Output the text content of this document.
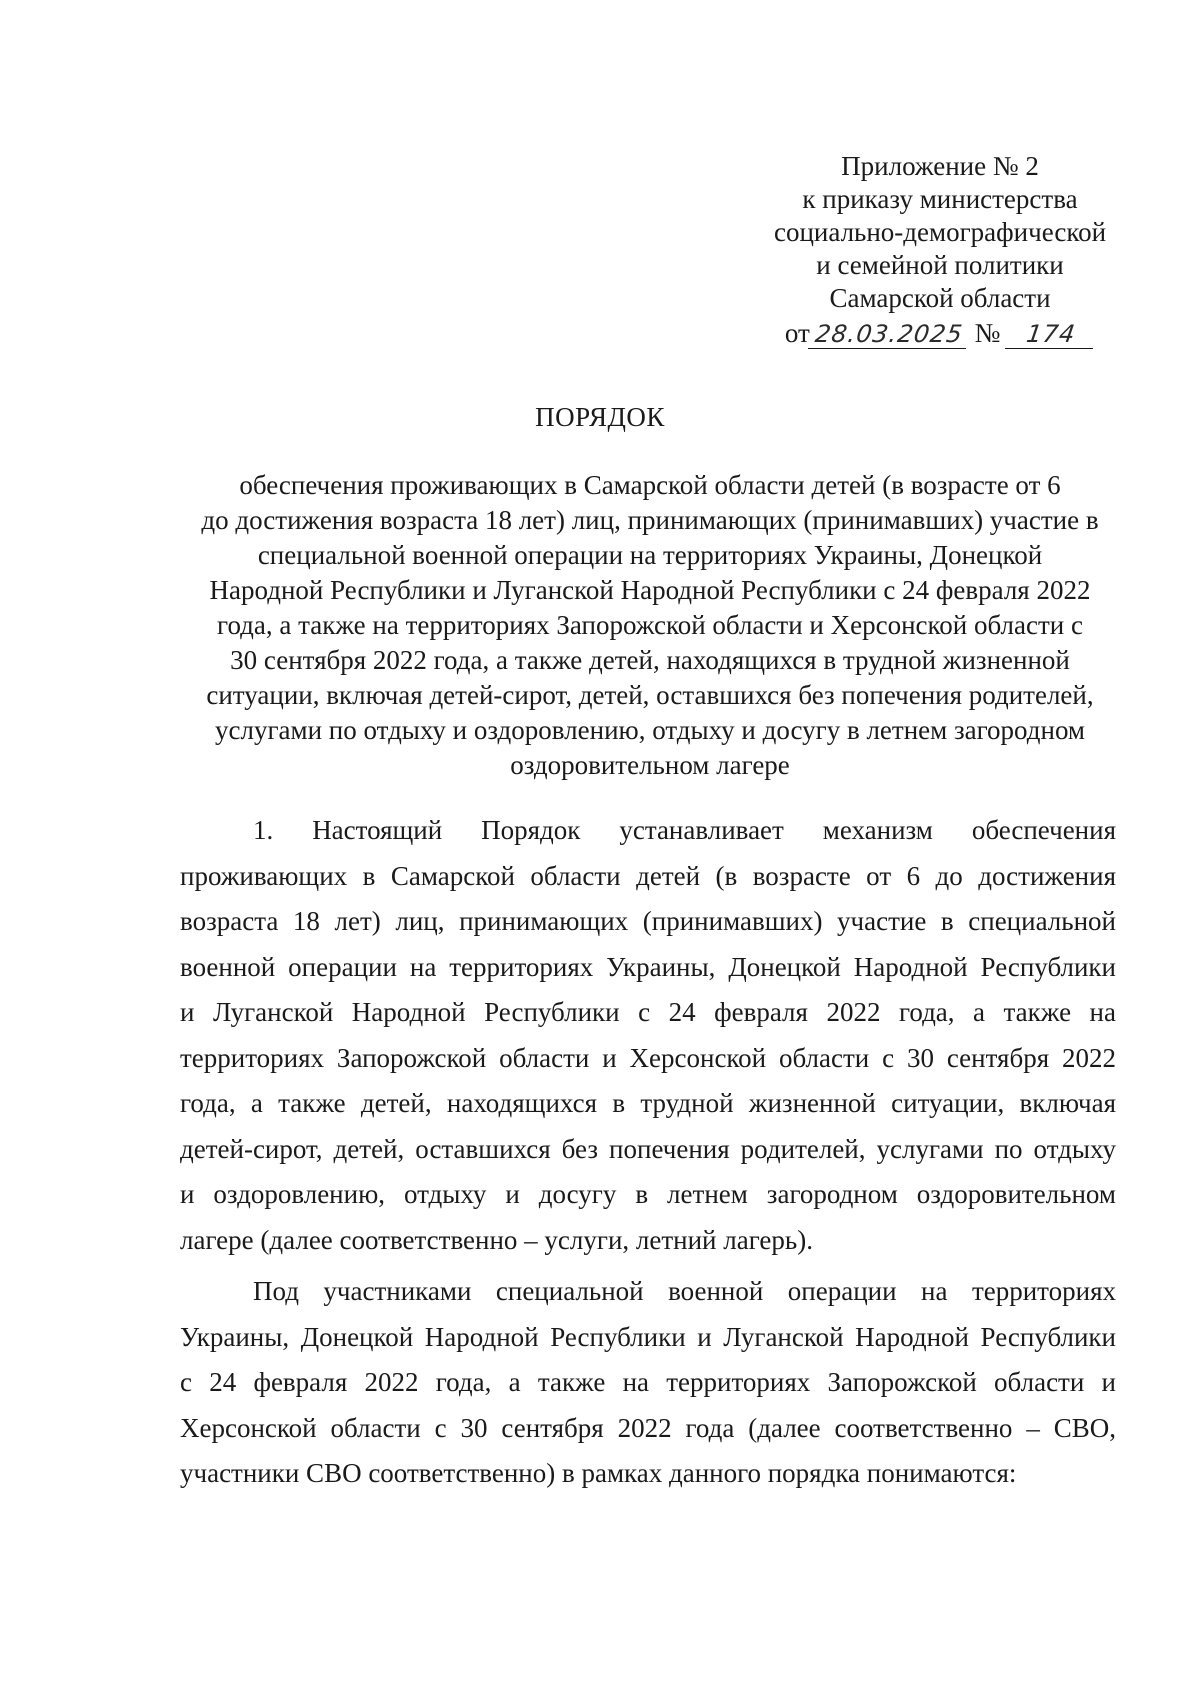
Приложение № 2
к приказу министерства
социально-демографической
и семейной политики
Самарской области
от 28.03.2025 № 174
ПОРЯДОК
обеспечения проживающих в Самарской области детей (в возрасте от 6
до достижения возраста 18 лет) лиц, принимающих (принимавших) участие в
специальной военной операции на территориях Украины, Донецкой
Народной Республики и Луганской Народной Республики с 24 февраля 2022
года, а также на территориях Запорожской области и Херсонской области с
30 сентября 2022 года, а также детей, находящихся в трудной жизненной
ситуации, включая детей-сирот, детей, оставшихся без попечения родителей,
услугами по отдыху и оздоровлению, отдыху и досугу в летнем загородном
оздоровительном лагере
1. Настоящий Порядок устанавливает механизм обеспечения
проживающих в Самарской области детей (в возрасте от 6 до достижения
возраста 18 лет) лиц, принимающих (принимавших) участие в специальной
военной операции на территориях Украины, Донецкой Народной Республики
и Луганской Народной Республики с 24 февраля 2022 года, а также на
территориях Запорожской области и Херсонской области с 30 сентября 2022
года, а также детей, находящихся в трудной жизненной ситуации, включая
детей-сирот, детей, оставшихся без попечения родителей, услугами по отдыху
и оздоровлению, отдыху и досугу в летнем загородном оздоровительном
лагере (далее соответственно – услуги, летний лагерь).
Под участниками специальной военной операции на территориях
Украины, Донецкой Народной Республики и Луганской Народной Республики
с 24 февраля 2022 года, а также на территориях Запорожской области и
Херсонской области с 30 сентября 2022 года (далее соответственно – СВО,
участники СВО соответственно) в рамках данного порядка понимаются:
